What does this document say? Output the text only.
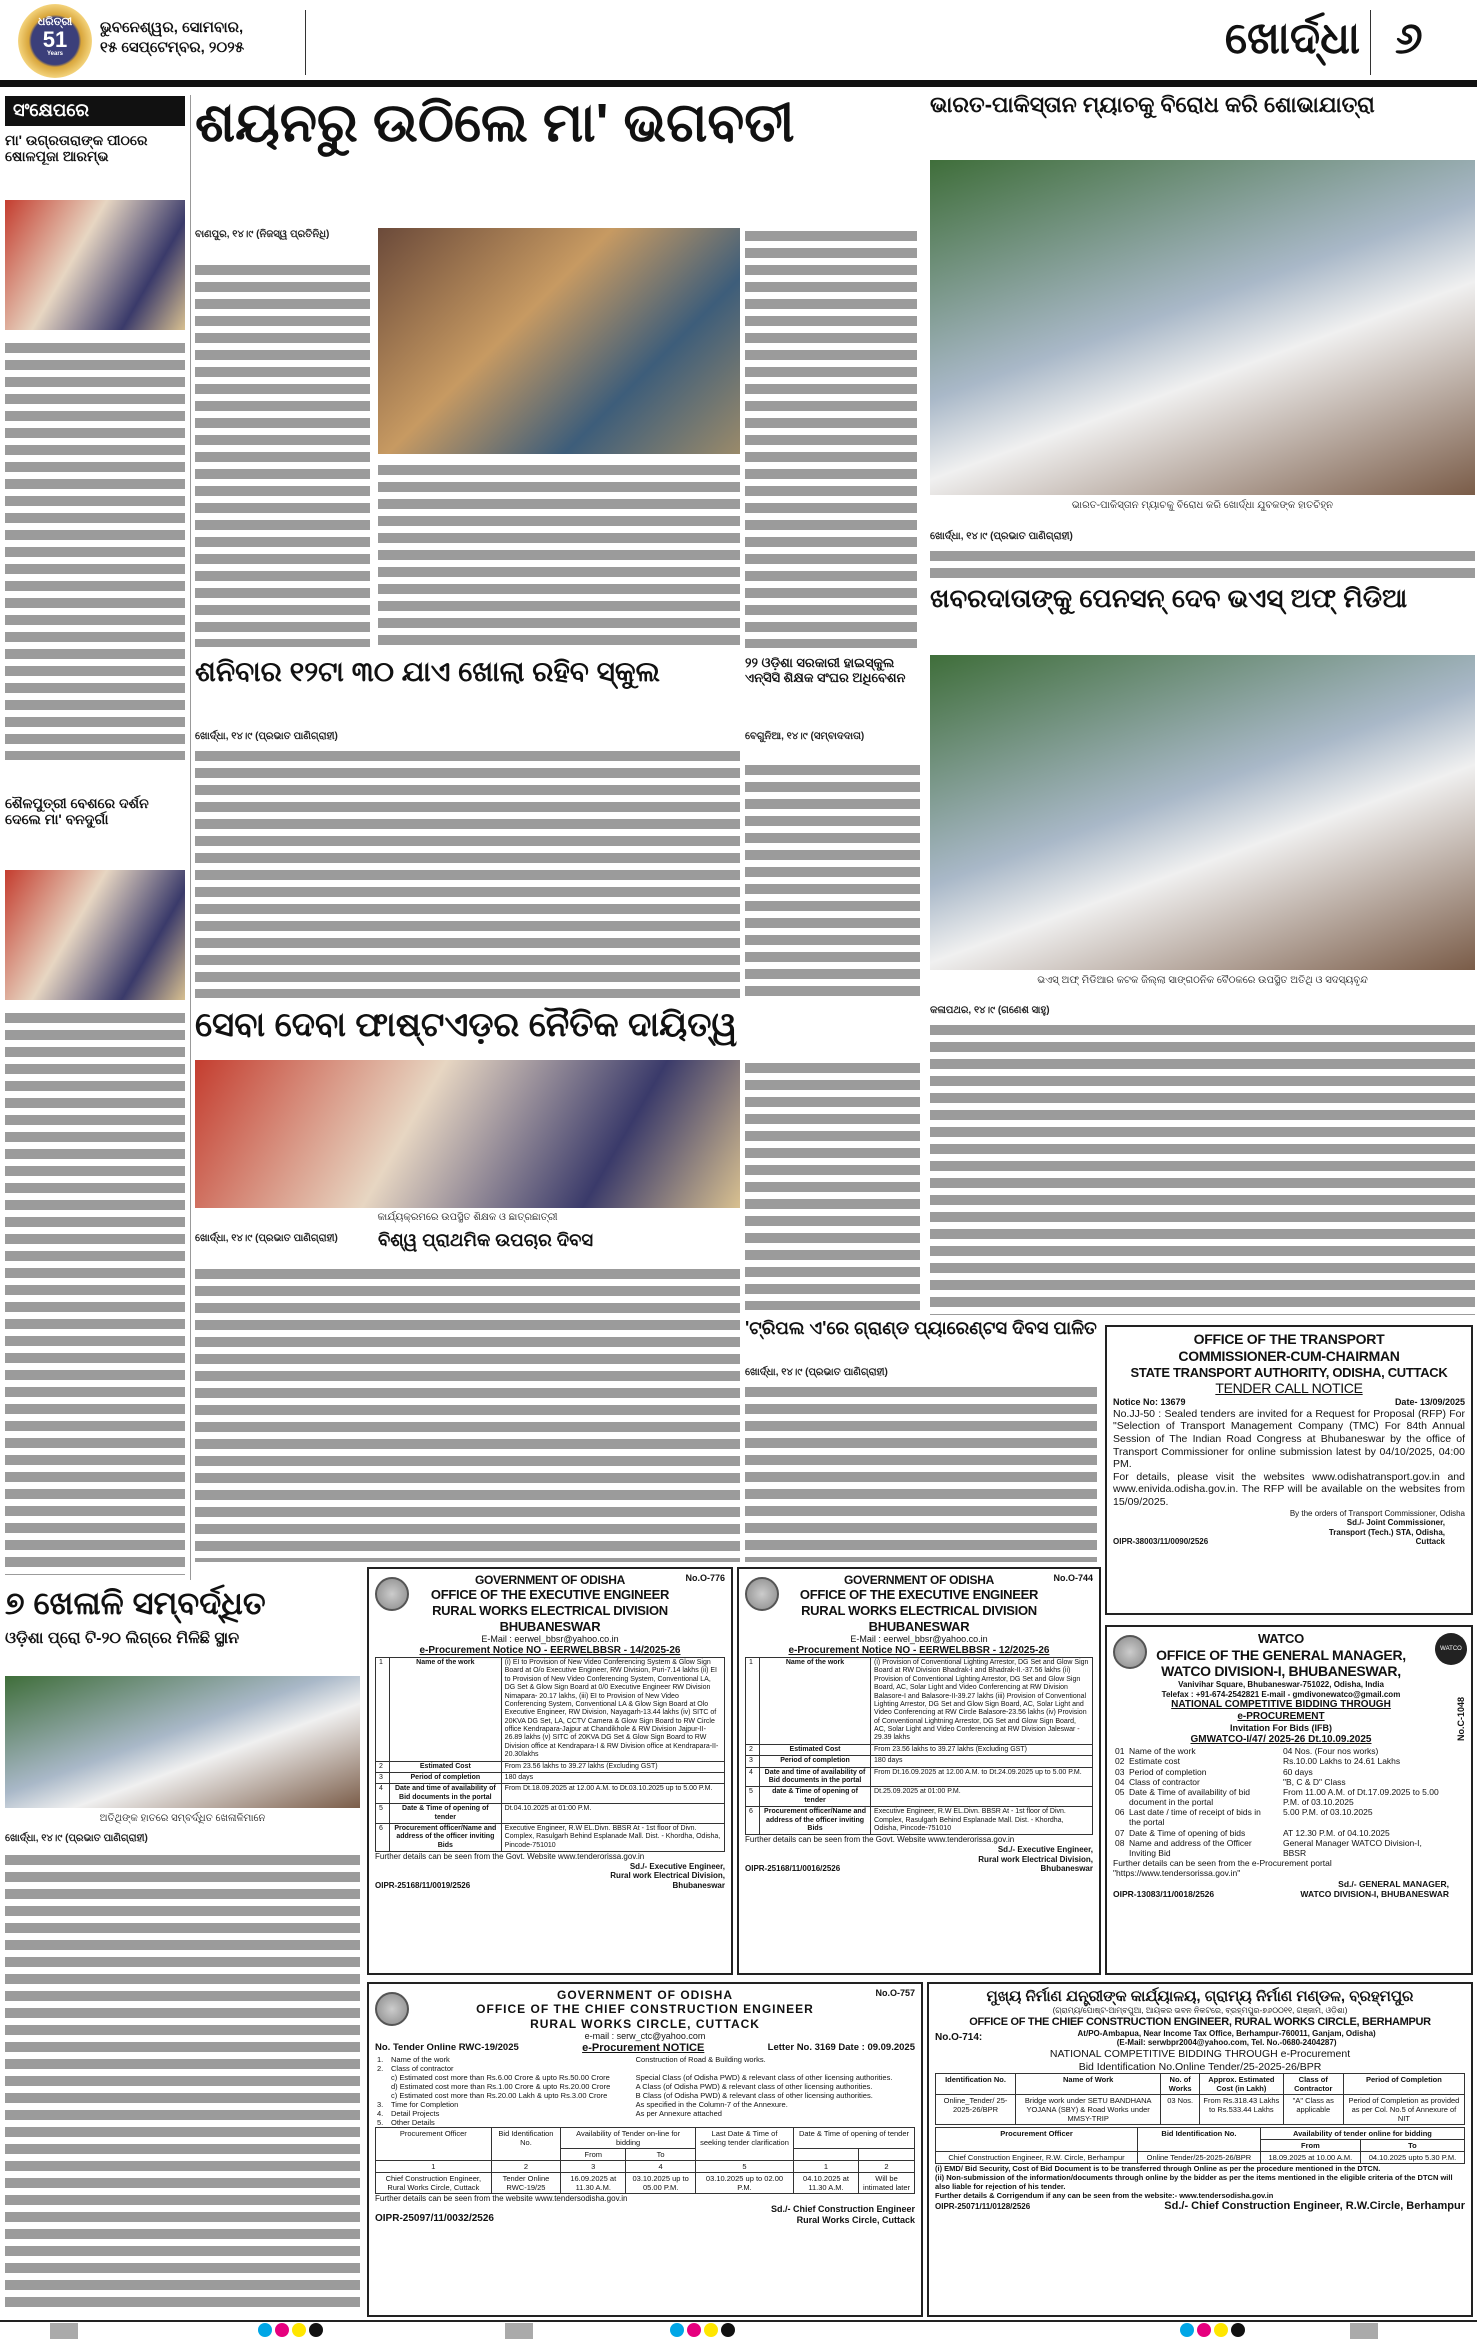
ଧରିତ୍ରୀ
51
Years
ଭୁବନେଶ୍ୱର, ସୋମବାର,
୧୫ ସେପ୍ଟେମ୍ବର, ୨୦୨୫	ଖୋର୍ଦ୍ଧା ୬
ସଂକ୍ଷେପରେ
ମା' ଉଗ୍ରତାରାଙ୍କ ପୀଠରେ ଷୋଳପୂଜା ଆରମ୍ଭ
ଶୈଳପୁତ୍ରୀ ବେଶରେ ଦର୍ଶନ ଦେଲେ ମା' ବନଦୁର୍ଗା
ଶୟନରୁ ଉଠିଲେ ମା' ଭଗବତୀ
ବାଣପୁର, ୧୪।୯ (ନିଜସ୍ୱ ପ୍ରତିନିଧି)
ଭାରତ-ପାକିସ୍ତାନ ମ୍ୟାଚକୁ ବିରୋଧ କରି ଶୋଭାଯାତ୍ରା
ଭାରତ-ପାକିସ୍ତାନ ମ୍ୟାଚକୁ ବିରୋଧ କରି ଖୋର୍ଦ୍ଧା ଯୁବକଙ୍କ ହାତଚିହ୍ନ
ଖୋର୍ଦ୍ଧା, ୧୪।୯ (ପ୍ରଭାତ ପାଣିଗ୍ରାହୀ)
ଖବରଦାତାଙ୍କୁ ପେନସନ୍ ଦେବ ଭଏସ୍ ଅଫ୍ ମିଡିଆ
ଭଏସ୍ ଅଫ୍ ମିଡିଆର କଟକ ଜିଲ୍ଲା ସାଙ୍ଗଠନିକ ବୈଠକରେ ଉପସ୍ଥିତ ଅତିଥି ଓ ସଦସ୍ୟବୃନ୍ଦ
କଳାପଥର, ୧୪।୯ (ଗଣେଶ ସାହୁ)
ଶନିବାର ୧୨ଟା ୩୦ ଯାଏ ଖୋଲା ରହିବ ସ୍କୁଲ
ଖୋର୍ଦ୍ଧା, ୧୪।୯ (ପ୍ରଭାତ ପାଣିଗ୍ରାହୀ)
୨୨ ଓଡ଼ିଶା ସରକାରୀ ହାଇସ୍କୁଲ ଏନ୍‌ସିସି ଶିକ୍ଷକ ସଂଘର ଅଧିବେଶନ
ବେଗୁନିଆ, ୧୪।୯ (ସମ୍ବାଦଦାତା)
ସେବା ଦେବା ଫାଷ୍ଟଏଡ଼ର ନୈତିକ ଦାୟିତ୍ୱ
କାର୍ଯ୍ୟକ୍ରମରେ ଉପସ୍ଥିତ ଶିକ୍ଷକ ଓ ଛାତ୍ରଛାତ୍ରୀ
ଖୋର୍ଦ୍ଧା, ୧୪।୯ (ପ୍ରଭାତ ପାଣିଗ୍ରାହୀ)	ବିଶ୍ୱ ପ୍ରାଥମିକ ଉପଚାର ଦିବସ
'ଟ୍ରିପଲ ଏ'ରେ ଗ୍ରାଣ୍ଡ ପ୍ୟାରେଣ୍ଟସ ଦିବସ ପାଳିତ
ଖୋର୍ଦ୍ଧା, ୧୪।୯ (ପ୍ରଭାତ ପାଣିଗ୍ରାହୀ)
OFFICE OF THE TRANSPORT
COMMISSIONER-CUM-CHAIRMAN
STATE TRANSPORT AUTHORITY, ODISHA, CUTTACK
TENDER CALL NOTICE
Notice No: 13679	Date- 13/09/2025
No.JJ-50 : Sealed tenders are invited for a Request for Proposal (RFP) For "Selection of Transport Management Company (TMC) For 84th Annual Session of The Indian Road Congress at Bhubaneswar by the office of Transport Commissioner for online submission latest by 04/10/2025, 04:00 PM.
For details, please visit the websites www.odishatransport.gov.in and www.enivida.odisha.gov.in. The RFP will be available on the websites from 15/09/2025.
By the orders of Transport Commissioner, Odisha
OIPR-38003/11/0090/2526
Sd./- Joint Commissioner,
Transport (Tech.) STA, Odisha,
Cuttack
୭ ଖେଳାଳି ସମ୍ବର୍ଦ୍ଧିତ
ଓଡ଼ିଶା ପ୍ରୋ ଟି-୨୦ ଲିଗ୍‌ରେ ମିଳିଛି ସ୍ଥାନ
ଅତିଥିଙ୍କ ହାତରେ ସମ୍ବର୍ଦ୍ଧିତ ଖେଳାଳିମାନେ
ଖୋର୍ଦ୍ଧା, ୧୪।୯ (ପ୍ରଭାତ ପାଣିଗ୍ରାହୀ)
No.O-776
GOVERNMENT OF ODISHA
OFFICE OF THE EXECUTIVE ENGINEER
RURAL WORKS ELECTRICAL DIVISION
BHUBANESWAR
E-Mail : eerwel_bbsr@yahoo.co.in
e-Procurement Notice NO - EERWELBBSR - 14/2025-26
1	Name of the work	(i) EI to Provision of New Video Conferencing System & Glow Sign Board at O/o Executive Engineer, RW Division, Puri-7.14 lakhs (ii) EI to Provision of New Video Conferencing System, Conventional LA, DG Set & Glow Sign Board at 0/0 Executive Engineer RW Division Nimapara- 20.17 lakhs, (iii) EI to Provision of New Video Conferencing System, Conventional LA & Glow Sign Board at Olo Executive Engineer, RW Division, Nayagarh-13.44 lakhs (iv) SITC of 20KVA DG Set, LA, CCTV Camera & Glow Sign Board to RW Circle office Kendrapara-Jajpur at Chandikhole & RW Division Jajpur-II-26.89 lakhs (v) SITC of 20KVA DG Set & Glow Sign Board to RW Division office at Kendrapara-I & RW Division office at Kendrapara-II-20.30lakhs
2	Estimated Cost	From 23.56 lakhs to 39.27 lakhs (Excluding GST)
3	Period of completion	180 days
4	Date and time of availability of Bid documents in the portal	From Dt.18.09.2025 at 12.00 A.M. to Dt.03.10.2025 up to 5.00 P.M.
5	Date & Time of opening of tender	Dt.04.10.2025 at 01:00 P.M.
6	Procurement officer/Name and address of the officer inviting Bids	Executive Engineer, R.W EL.Divn. BBSR At - 1st floor of Divn. Complex, Rasulgarh Behind Esplanade Mall. Dist. - Khordha, Odisha, Pincode-751010
Further details can be seen from the Govt. Website www.tenderorissa.gov.in
OIPR-25168/11/0019/2526
Sd./- Executive Engineer,
Rural work Electrical Division,
Bhubaneswar
No.O-744
GOVERNMENT OF ODISHA
OFFICE OF THE EXECUTIVE ENGINEER
RURAL WORKS ELECTRICAL DIVISION
BHUBANESWAR
E-Mail : eerwel_bbsr@yahoo.co.in
e-Procurement Notice NO - EERWELBBSR - 12/2025-26
1	Name of the work	(i) Provision of Conventional Lighting Arrestor, DG Set and Glow Sign Board at RW Division Bhadrak-I and Bhadrak-II.-37.56 lakhs (ii) Provision of Conventional Lighting Arrestor, DG Set and Glow Sign Board, AC, Solar Light and Video Conferencing at RW Division Balasore-I and Balasore-II-39.27 lakhs (iii) Provision of Conventional Lighting Arrestor, DG Set and Glow Sign Board, AC, Solar Light and Video Conferencing at RW Circle Balasore-23.56 lakhs (iv) Provision of Conventional Lightning Arrestor, DG Set and Glow Sign Board, AC, Solar Light and Video Conferencing at RW Division Jaleswar - 29.39 lakhs
2	Estimated Cost	From 23.56 lakhs to 39.27 lakhs (Excluding GST)
3	Period of completion	180 days
4	Date and time of availability of Bid documents in the portal	From Dt.16.09.2025 at 12.00 A.M. to Dt.24.09.2025 up to 5.00 P.M.
5	date & Time of opening of tender	Dt.25.09.2025 at 01:00 P.M.
6	Procurement officer/Name and address of the officer inviting Bids	Executive Engineer, R.W EL.Divn. BBSR At - 1st floor of Divn. Complex, Rasulgarh Behind Esplanade Mall. Dist. - Khordha, Odisha, Pincode-751010
Further details can be seen from the Govt. Website www.tenderorissa.gov.in
OIPR-25168/11/0016/2526
Sd./- Executive Engineer,
Rural work Electrical Division,
Bhubaneswar
WATCO
No.C-1048
WATCO
OFFICE OF THE GENERAL MANAGER,
WATCO DIVISION-I, BHUBANESWAR,
Vanivihar Square, Bhubaneswar-751022, Odisha, India
Telefax : +91-674-2542821 E-mail - gmdivonewatco@gmail.com
NATIONAL COMPETITIVE BIDDING THROUGH
e-PROCUREMENT
Invitation For Bids (IFB)
GMWATCO-I/47/ 2025-26 Dt.10.09.2025
01	Name of the work	04 Nos. (Four nos works)
02	Estimate cost	Rs.10.00 Lakhs to 24.61 Lakhs
03	Period of completion	60 days
04	Class of contractor	"B, C & D" Class
05	Date & Time of availability of bid document in the portal	From 11.00 A.M. of Dt.17.09.2025 to 5.00 P.M. of 03.10.2025
06	Last date / time of receipt of bids in the portal	5.00 P.M. of 03.10.2025
07	Date & Time of opening of bids	AT 12.30 P.M. of 04.10.2025
08	Name and address of the Officer Inviting Bid	General Manager WATCO Division-I, BBSR
Further details can be seen from the e-Procurement portal "https://www.tendersorissa.gov.in"
OIPR-13083/11/0018/2526
Sd./- GENERAL MANAGER,
WATCO DIVISION-I, BHUBANESWAR
No.O-757
GOVERNMENT OF ODISHA
OFFICE OF THE CHIEF CONSTRUCTION ENGINEER
RURAL WORKS CIRCLE, CUTTACK
e-mail : serw_ctc@yahoo.com
No. Tender Online RWC-19/2025	e-Procurement NOTICE	Letter No. 3169 Date : 09.09.2025
1.	Name of the work	Construction of Road & Building works.
2.	Class of contractor	
	c) Estimated cost more than Rs.6.00 Crore & upto Rs.50.00 Crore	Special Class (of Odisha PWD) & relevant class of other licensing authorities.
	d) Estimated cost more than Rs.1.00 Crore & upto Rs.20.00 Crore	A Class (of Odisha PWD) & relevant class of other licensing authorities.
	c) Estimated cost more than Rs.20.00 Lakh & upto Rs.3.00 Crore	B Class (of Odisha PWD) & relevant class of other licensing authorities.
3.	Time for Completion	As specified in the Column-7 of the Annexure.
4.	Detail Projects	As per Annexure attached
5.	Other Details	
Procurement Officer	Bid Identification No.	Availability of Tender on-line for bidding		Last Date & Time of seeking tender clarification	Date & Time of opening of tender	
		From	To			
1	2	3	4	5	1	2
Chief Construction Engineer, Rural Works Circle, Cuttack	Tender Online RWC-19/25	16.09.2025 at 11.30 A.M.	03.10.2025 up to 05.00 P.M.	03.10.2025 up to 02.00 P.M.	04.10.2025 at 11.30 A.M.	Will be intimated later
Further details can be seen from the website www.tendersodisha.gov.in
OIPR-25097/11/0032/2526
Sd./- Chief Construction Engineer
Rural Works Circle, Cuttack
ମୁଖ୍ୟ ନିର୍ମାଣ ଯନ୍ତ୍ରୀଙ୍କ କାର୍ଯ୍ୟାଳୟ, ଗ୍ରାମ୍ୟ ନିର୍ମାଣ ମଣ୍ଡଳ, ବ୍ରହ୍ମପୁର
(ଗ୍ରାମ୍ୟ/ପୋଷ୍ଟ-ଆମ୍ବପୁଆ, ଆୟକର ଭବନ ନିକଟରେ, ବ୍ରହ୍ମପୁର-୭୬୦୦୧୧, ଗଞ୍ଜାମ, ଓଡ଼ିଶା)
OFFICE OF THE CHIEF CONSTRUCTION ENGINEER, RURAL WORKS CIRCLE, BERHAMPUR
No.O-714:	At/PO-Ambapua, Near Income Tax Office, Berhampur-760011, Ganjam, Odisha)
(E-Mail: serwbpr2004@yahoo.com, Tel. No.-0680-2404287)
NATIONAL COMPETITIVE BIDDING THROUGH e-Procurement
Bid Identification No.Online Tender/25-2025-26/BPR
Identification No.	Name of Work	No. of Works	Approx. Estimated Cost (in Lakh)	Class of Contractor	Period of Completion
Online_Tender/ 25-2025-26/BPR	Bridge work under SETU BANDHANA YOJANA (SBY) & Road Works under MMSY-TRIP	03 Nos.	From Rs.318.43 Lakhs to Rs.533.44 Lakhs	"A" Class as applicable	Period of Completion as provided as per Col. No.5 of Annexure of NIT
Procurement Officer	Bid Identification No.	Availability of tender online for bidding	
		From	To
Chief Construction Engineer, R.W. Circle, Berhampur	Online Tender/25-2025-26/BPR	18.09.2025 at 10.00 A.M.	04.10.2025 upto 5.30 P.M.
(i) EMD/ Bid Security, Cost of Bid Document is to be transferred through Online as per the procedure mentioned in the DTCN.
(ii) Non-submission of the information/documents through online by the bidder as per the items mentioned in the eligible criteria of the DTCN will also liable for rejection of his tender.
Further details & Corrigendum if any can be seen from the website:- www.tendersodisha.gov.in
OIPR-25071/11/0128/2526	Sd./- Chief Construction Engineer, R.W.Circle, Berhampur
